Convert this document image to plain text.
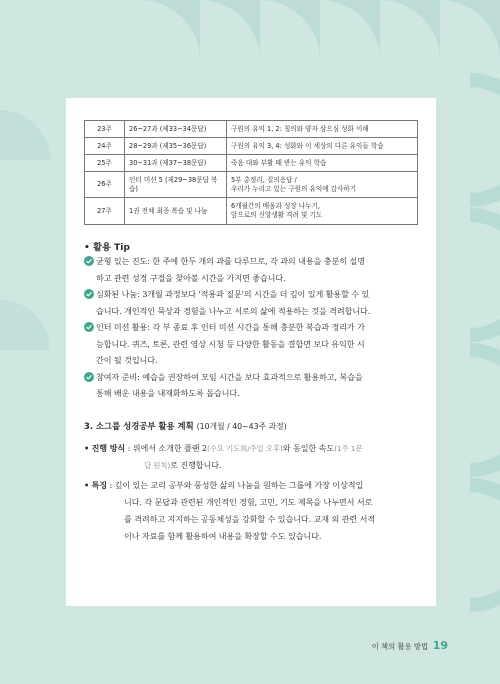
23주	26~27과 (제33~34문답)	구원의 유익 1, 2: 칭의와 양자 삼으심 성화 이해
24주	28~29과 (제35~36문답)	구원의 유익 3, 4: 성화와 이 세상의 다른 유익들 학습
25주	30~31과 (제37~38문답)	죽음 대와 부활 때 받는 유익 학습
26주	인터 미션 5 (제29~38문답 복습)	5부 총정리, 질의응답 /
우리가 누리고 있는 구원의 유익에 감사하기

27주	1권 전체 최종 복습 및 나눔	6개월간의 배움과 성장 나누기,
앞으로의 신앙생활 격려 및 기도
• 활용 Tip
균형 있는 진도: 한 주에 한두 개의 과를 다루므로, 각 과의 내용을 충분히 설명
하고 관련 성경 구절을 찾아볼 시간을 가지면 좋습니다.
심화된 나눔: 3개월 과정보다 '적용과 질문'의 시간을 더 깊이 있게 활용할 수 있
습니다. 개인적인 묵상과 경험을 나누고 서로의 삶에 적용하는 것을 격려합니다.
인터 미션 활용: 각 부 종료 후 인터 미션 시간을 통해 충분한 복습과 정리가 가
능합니다. 퀴즈, 토론, 관련 영상 시청 등 다양한 활동을 결합면 보다 유익한 시
간이 될 것입니다.
참여자 준비: 예습을 권장하여 모임 시간을 보다 효과적으로 활용하고, 복습을
통해 배운 내용을 내재화하도록 돕습니다.
3. 소그룹 성경공부 활용 계획 (10개월 / 40~43주 과정)
• 진행 방식 : 위에서 소개한 플랜 2(수요 기도회/주일 오후)와 동일한 속도(1주 1문
답 원칙)로 진행합니다.
• 특징 : 깊이 있는 교리 공부와 풍성한 삶의 나눔을 원하는 그룹에 가장 이상적입
니다. 각 문답과 관련된 개인적인 경험, 고민, 기도 제목을 나누면서 서로
를 격려하고 지지하는 공동체성을 강화할 수 있습니다. 교재 외 관련 서적
이나 자료를 함께 활용하여 내용을 확장할 수도 있습니다.
이 책의 활용 방법 19
